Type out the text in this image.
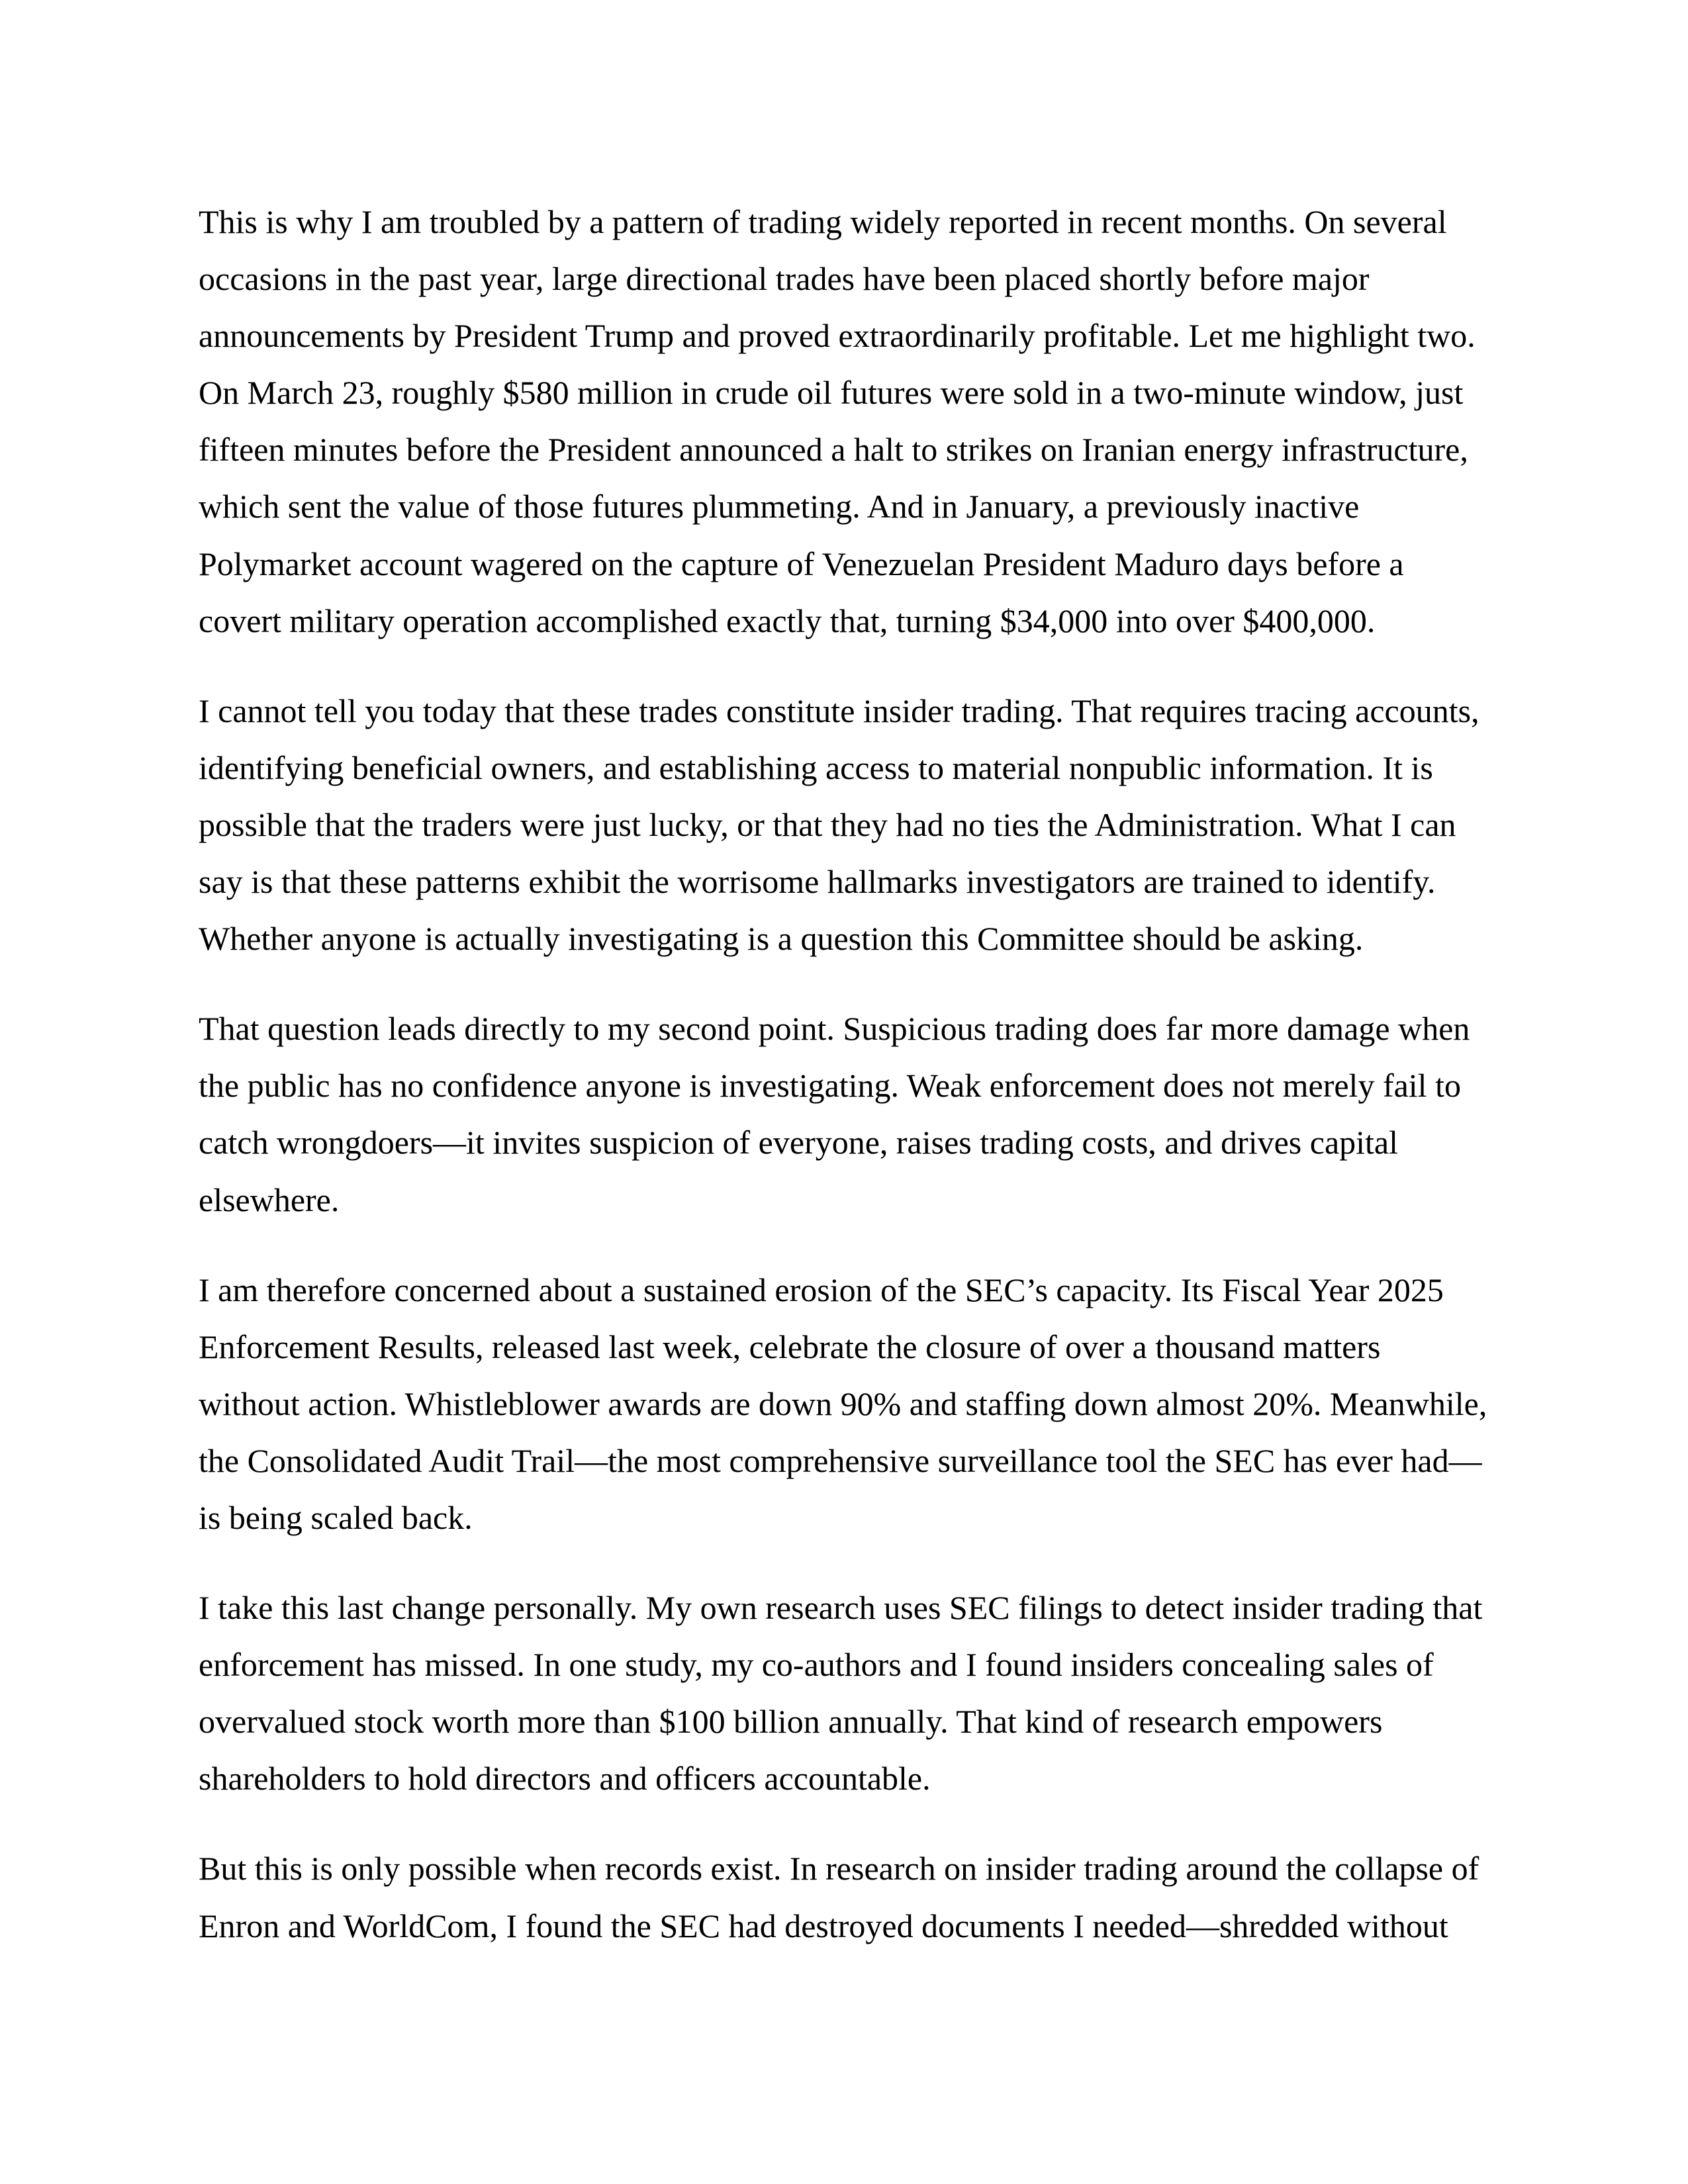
This is why I am troubled by a pattern of trading widely reported in recent months. On several
occasions in the past year, large directional trades have been placed shortly before major
announcements by President Trump and proved extraordinarily profitable. Let me highlight two.
On March 23, roughly $580 million in crude oil futures were sold in a two-minute window, just
fifteen minutes before the President announced a halt to strikes on Iranian energy infrastructure,
which sent the value of those futures plummeting. And in January, a previously inactive
Polymarket account wagered on the capture of Venezuelan President Maduro days before a
covert military operation accomplished exactly that, turning $34,000 into over $400,000.

I cannot tell you today that these trades constitute insider trading. That requires tracing accounts,
identifying beneficial owners, and establishing access to material nonpublic information. It is
possible that the traders were just lucky, or that they had no ties the Administration. What I can
say is that these patterns exhibit the worrisome hallmarks investigators are trained to identify.
Whether anyone is actually investigating is a question this Committee should be asking.

That question leads directly to my second point. Suspicious trading does far more damage when
the public has no confidence anyone is investigating. Weak enforcement does not merely fail to
catch wrongdoers—it invites suspicion of everyone, raises trading costs, and drives capital
elsewhere.

I am therefore concerned about a sustained erosion of the SEC’s capacity. Its Fiscal Year 2025
Enforcement Results, released last week, celebrate the closure of over a thousand matters
without action. Whistleblower awards are down 90% and staffing down almost 20%. Meanwhile,
the Consolidated Audit Trail—the most comprehensive surveillance tool the SEC has ever had—
is being scaled back.

I take this last change personally. My own research uses SEC filings to detect insider trading that
enforcement has missed. In one study, my co-authors and I found insiders concealing sales of
overvalued stock worth more than $100 billion annually. That kind of research empowers
shareholders to hold directors and officers accountable.

But this is only possible when records exist. In research on insider trading around the collapse of
Enron and WorldCom, I found the SEC had destroyed documents I needed—shredded without
